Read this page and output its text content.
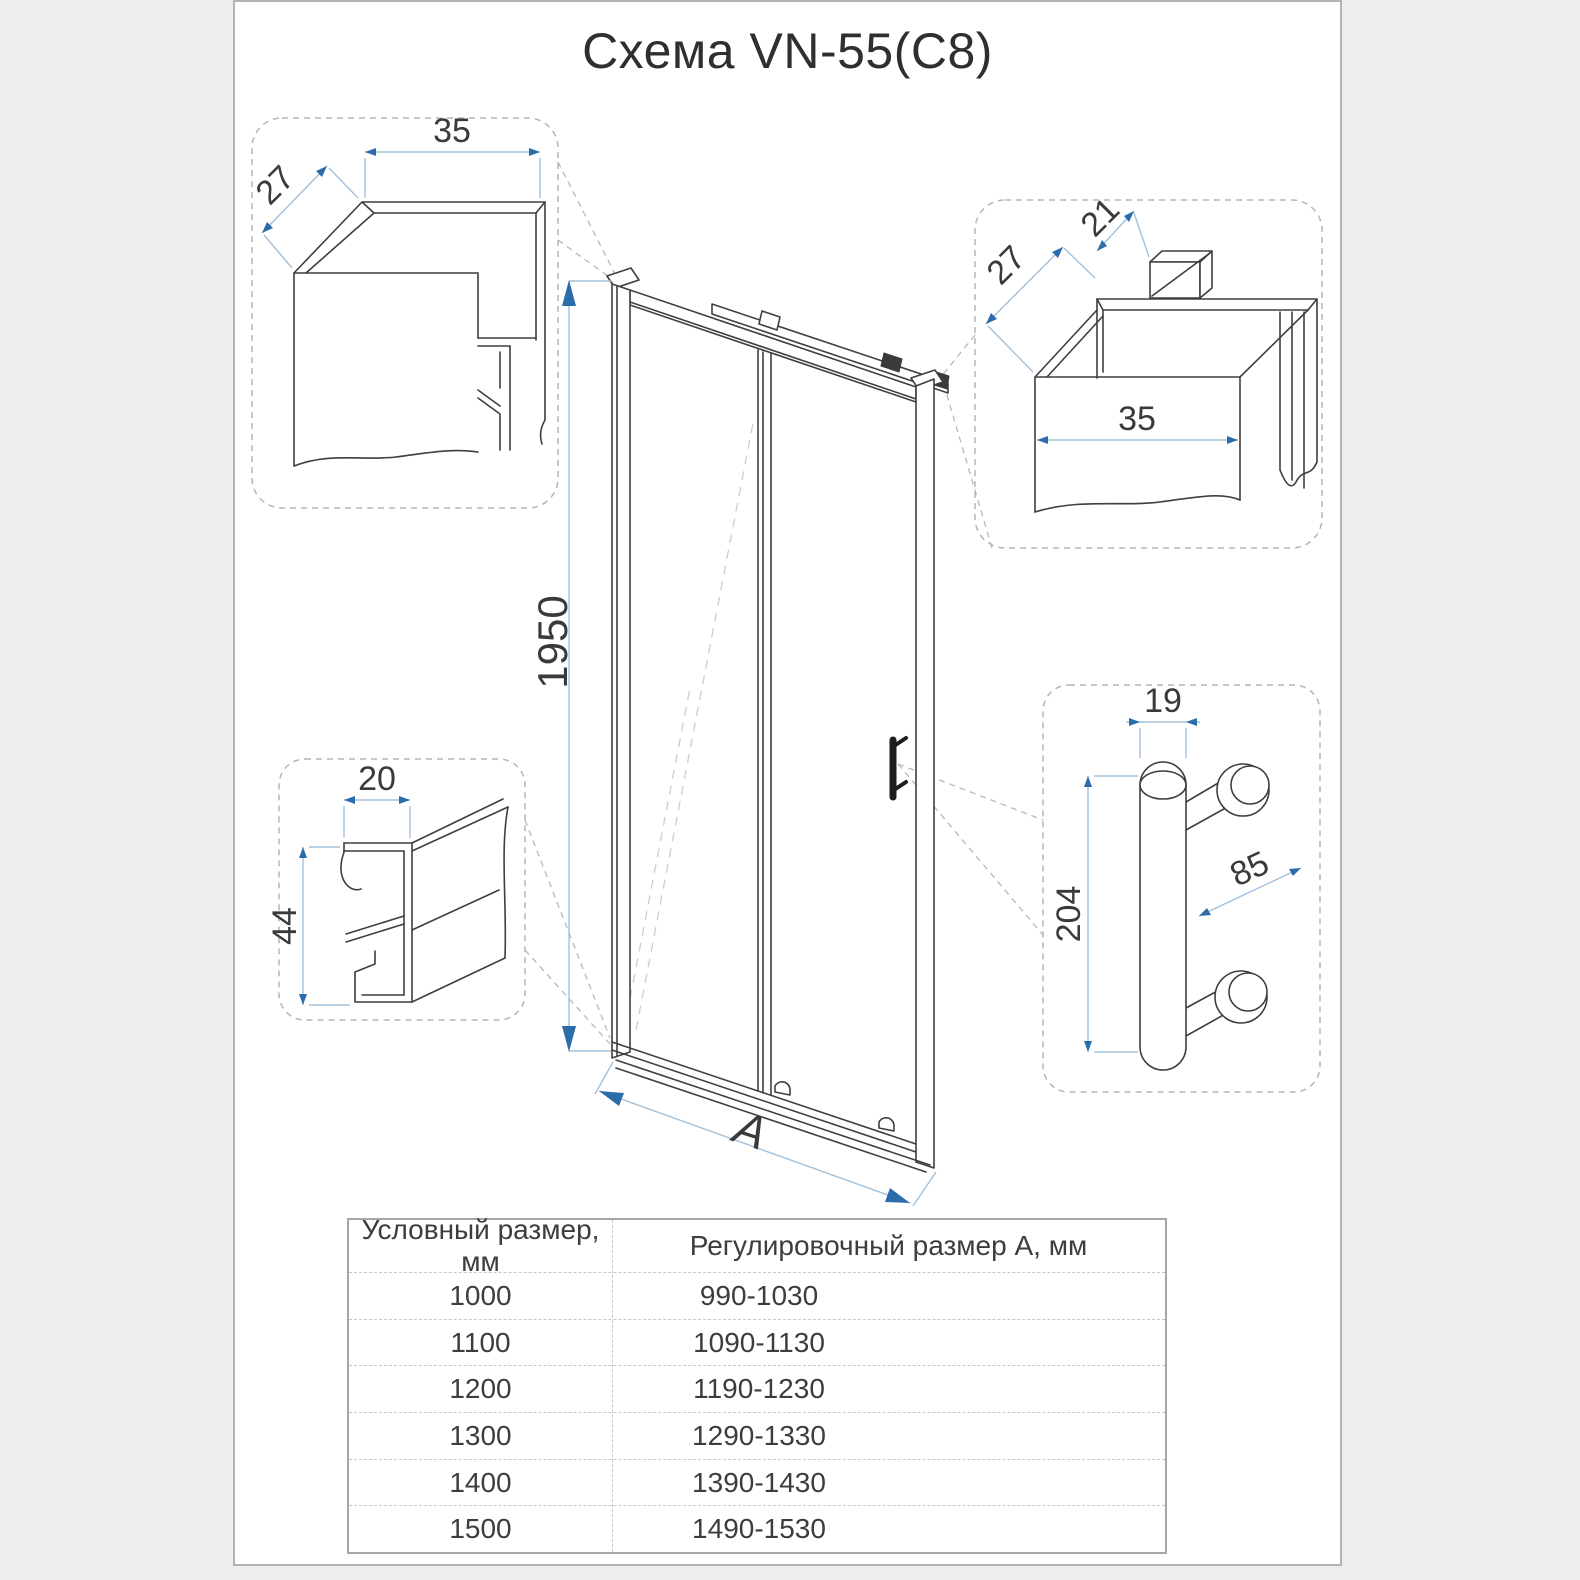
Схема VN-55(C8)
35
27
21
27
35
20
44
19
85
204
1950
A
Условный размер, мм
Регулировочный размер А, мм
1000	990-1030
1100	1090-1130
1200	1190-1230
1300	1290-1330
1400	1390-1430
1500	1490-1530
